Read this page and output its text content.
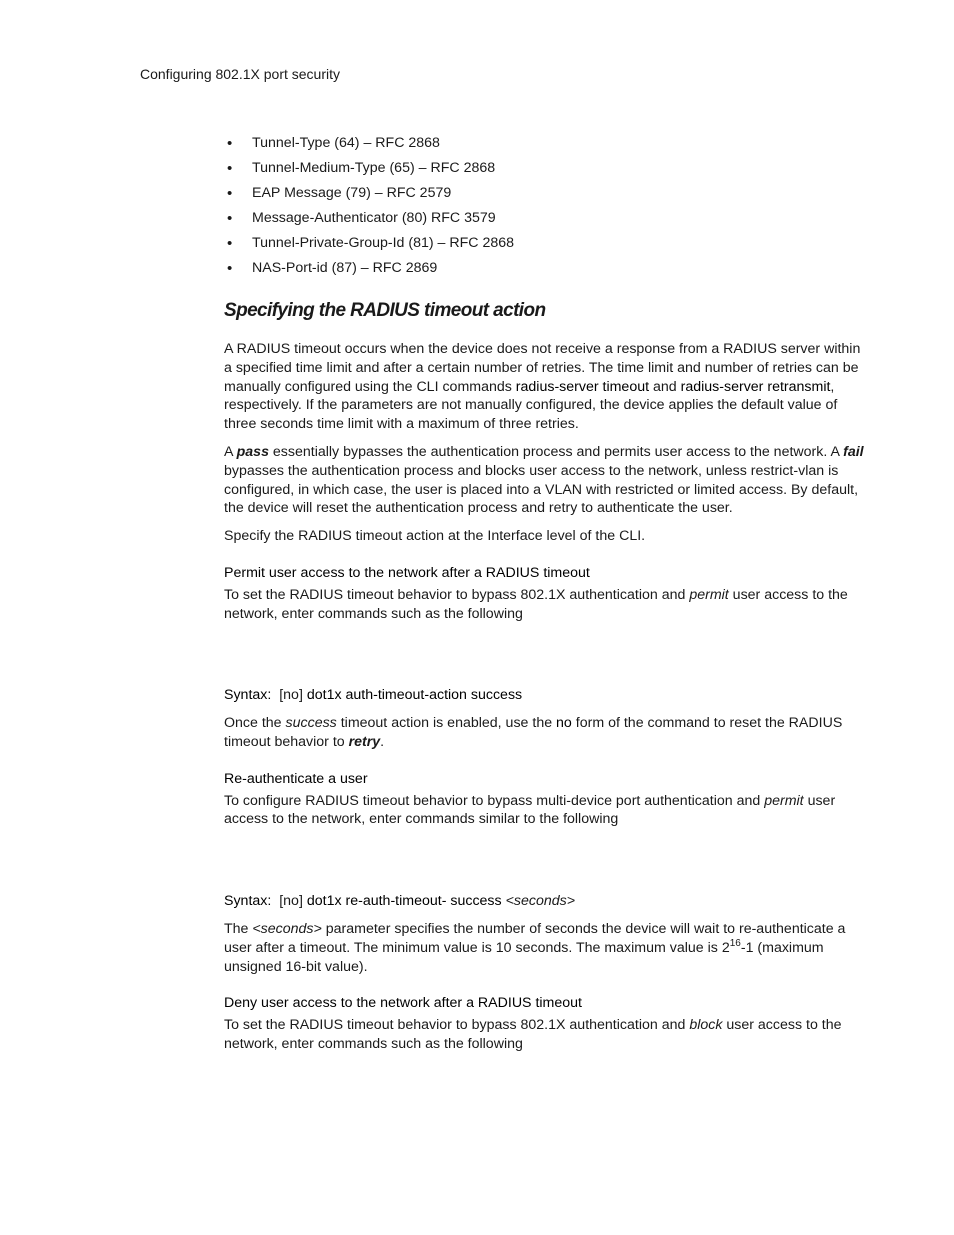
Configuring 802.1X port security
• Tunnel-Type (64) – RFC 2868
• Tunnel-Medium-Type (65) – RFC 2868
• EAP Message (79) – RFC 2579
• Message-Authenticator (80) RFC 3579
• Tunnel-Private-Group-Id (81) – RFC 2868
• NAS-Port-id (87) – RFC 2869
Specifying the RADIUS timeout action

A RADIUS timeout occurs when the device does not receive a response from a RADIUS server within a specified time limit and after a certain number of retries. The time limit and number of retries can be manually configured using the CLI commands radius-server timeout and radius-server retransmit, respectively. If the parameters are not manually configured, the device applies the default value of three seconds time limit with a maximum of three retries.

A pass essentially bypasses the authentication process and permits user access to the network. A fail bypasses the authentication process and blocks user access to the network, unless restrict-vlan is configured, in which case, the user is placed into a VLAN with restricted or limited access. By default, the device will reset the authentication process and retry to authenticate the user.

Specify the RADIUS timeout action at the Interface level of the CLI.

Permit user access to the network after a RADIUS timeout

To set the RADIUS timeout behavior to bypass 802.1X authentication and permit user access to the network, enter commands such as the following

Syntax: [no] dot1x auth-timeout-action success

Once the success timeout action is enabled, use the no form of the command to reset the RADIUS timeout behavior to retry.

Re-authenticate a user

To configure RADIUS timeout behavior to bypass multi-device port authentication and permit user access to the network, enter commands similar to the following

Syntax: [no] dot1x re-auth-timeout- success <seconds>

The <seconds> parameter specifies the number of seconds the device will wait to re-authenticate a user after a timeout. The minimum value is 10 seconds. The maximum value is $2^{16}-1$ (maximum unsigned 16-bit value).

Deny user access to the network after a RADIUS timeout

To set the RADIUS timeout behavior to bypass 802.1X authentication and block user access to the network, enter commands such as the following
